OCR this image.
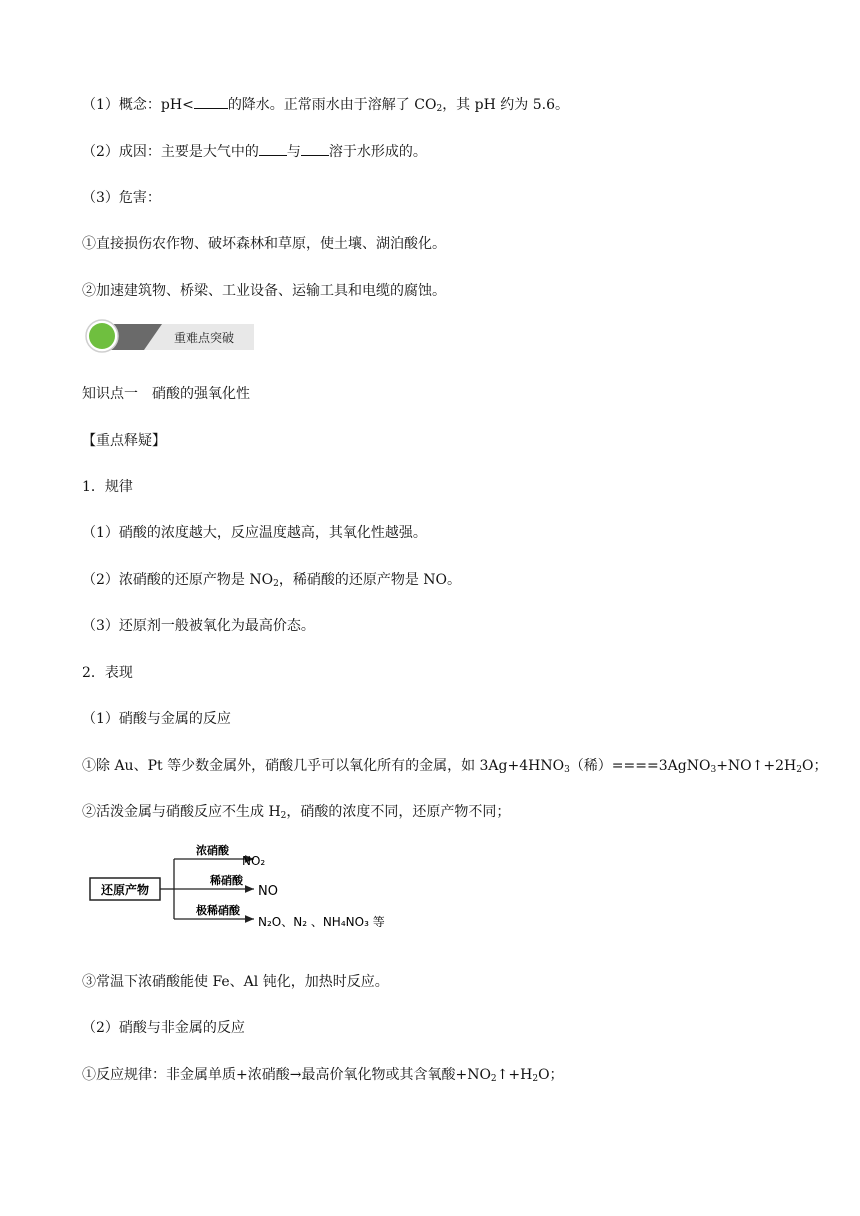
（1）概念：pH< 的降水。正常雨水由于溶解了 $CO_2$，其 pH 约为 5.6。
（2）成因：主要是大气中的 与 溶于水形成的。
（3）危害：
①直接损伤农作物、破坏森林和草原，使土壤、湖泊酸化。
②加速建筑物、桥梁、工业设备、运输工具和电缆的腐蚀。
重难点突破
知识点一　硝酸的强氧化性
【重点释疑】
1．规律
（1）硝酸的浓度越大，反应温度越高，其氧化性越强。
（2）浓硝酸的还原产物是 $NO_2$，稀硝酸的还原产物是 NO。
（3）还原剂一般被氧化为最高价态。
2．表现
（1）硝酸与金属的反应
①除 Au、Pt 等少数金属外，硝酸几乎可以氧化所有的金属，如 $3Ag+4HNO_3$（稀）$====3AgNO_3+NO↑+2H_2O$；
②活泼金属与硝酸反应不生成 $H_2$，硝酸的浓度不同，还原产物不同；
还原产物
浓硝酸
稀硝酸
极稀硝酸
NO₂
NO
N₂O、N₂ 、NH₄NO₃ 等
③常温下浓硝酸能使 Fe、Al 钝化，加热时反应。
（2）硝酸与非金属的反应
①反应规律：非金属单质+浓硝酸→最高价氧化物或其含氧酸$+NO_2↑+H_2O$；
